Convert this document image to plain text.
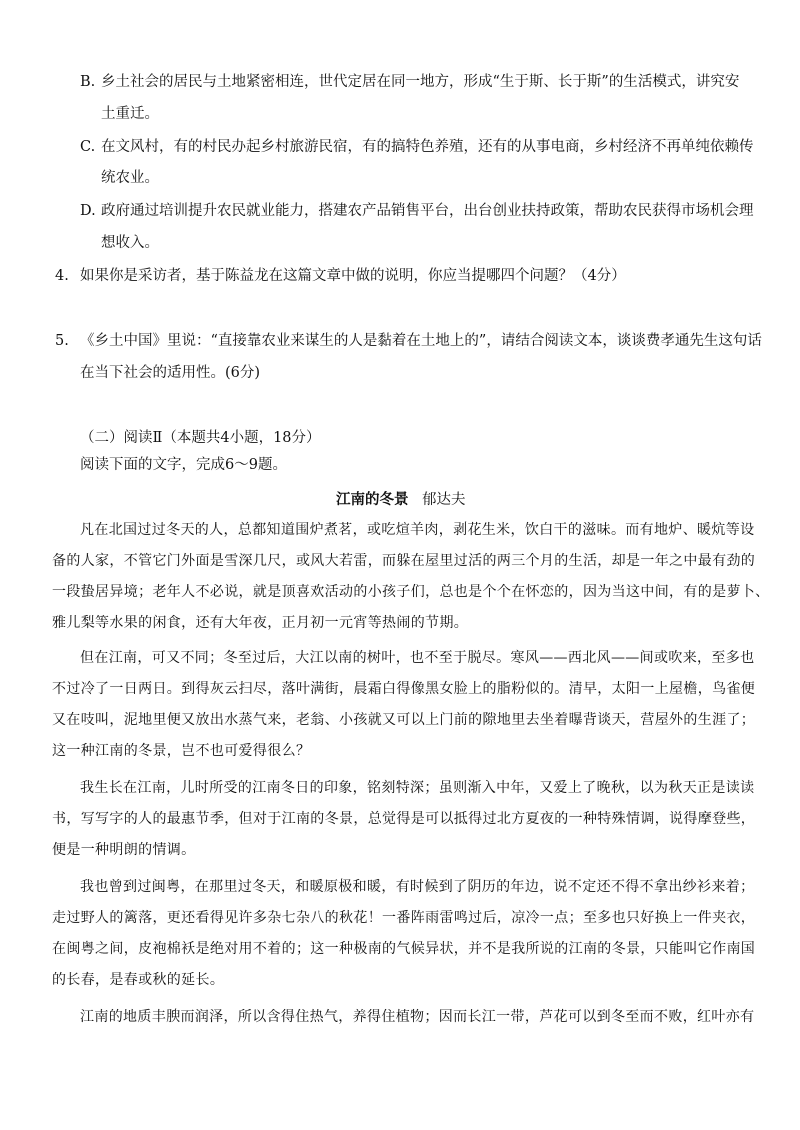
B. 乡土社会的居民与土地紧密相连，世代定居在同一地方，形成“生于斯、长于斯”的生活模式，讲究安
土重迁。
C. 在文风村，有的村民办起乡村旅游民宿，有的搞特色养殖，还有的从事电商，乡村经济不再单纯依赖传
统农业。
D. 政府通过培训提升农民就业能力，搭建农产品销售平台，出台创业扶持政策，帮助农民获得市场机会理
想收入。
4. 如果你是采访者，基于陈益龙在这篇文章中做的说明，你应当提哪四个问题？（4分）
5. 《乡土中国》里说：“直接靠农业来谋生的人是黏着在土地上的”，请结合阅读文本，谈谈费孝通先生这句话
在当下社会的适用性。(6分)
（二）阅读Ⅱ（本题共4小题，18分）
阅读下面的文字，完成6～9题。
江南的冬景 郁达夫
凡在北国过过冬天的人，总都知道围炉煮茗，或吃煊羊肉，剥花生米，饮白干的滋味。而有地炉、暖炕等设
备的人家，不管它门外面是雪深几尺，或风大若雷，而躲在屋里过活的两三个月的生活，却是一年之中最有劲的
一段蛰居异境；老年人不必说，就是顶喜欢活动的小孩子们，总也是个个在怀恋的，因为当这中间，有的是萝卜、
雅儿梨等水果的闲食，还有大年夜，正月初一元宵等热闹的节期。
但在江南，可又不同；冬至过后，大江以南的树叶，也不至于脱尽。寒风——西北风——间或吹来，至多也
不过冷了一日两日。到得灰云扫尽，落叶满街，晨霜白得像黑女脸上的脂粉似的。清早，太阳一上屋檐，鸟雀便
又在吱叫，泥地里便又放出水蒸气来，老翁、小孩就又可以上门前的隙地里去坐着曝背谈天，营屋外的生涯了；
这一种江南的冬景，岂不也可爱得很么？
我生长在江南，儿时所受的江南冬日的印象，铭刻特深；虽则渐入中年，又爱上了晚秋，以为秋天正是读读
书，写写字的人的最惠节季，但对于江南的冬景，总觉得是可以抵得过北方夏夜的一种特殊情调，说得摩登些，
便是一种明朗的情调。
我也曾到过闽粤，在那里过冬天，和暖原极和暖，有时候到了阴历的年边，说不定还不得不拿出纱衫来着；
走过野人的篱落，更还看得见许多杂七杂八的秋花！一番阵雨雷鸣过后，凉冷一点；至多也只好换上一件夹衣，
在闽粤之间，皮袍棉袄是绝对用不着的；这一种极南的气候异状，并不是我所说的江南的冬景，只能叫它作南国
的长春，是春或秋的延长。
江南的地质丰腴而润泽，所以含得住热气，养得住植物；因而长江一带，芦花可以到冬至而不败，红叶亦有
